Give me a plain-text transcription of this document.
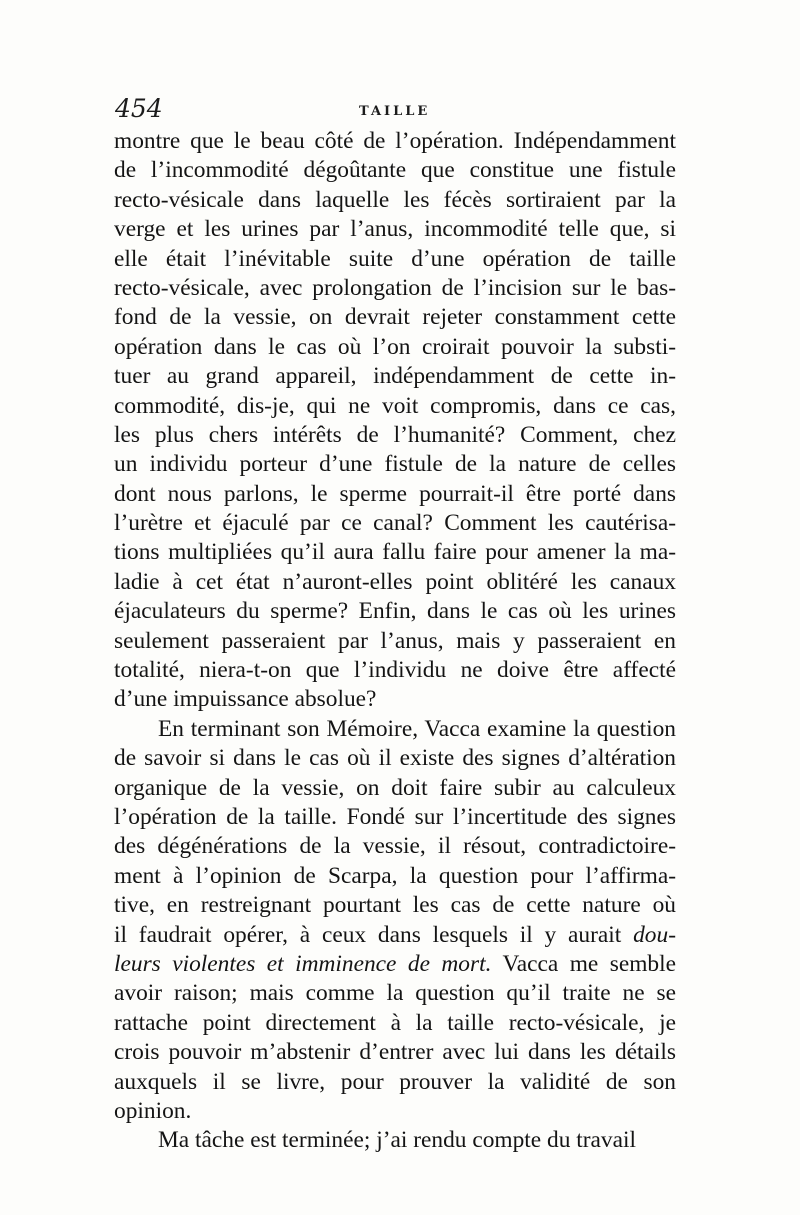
454	TAILLE
montre que le beau côté de l’opération. Indépendamment
de l’incommodité dégoûtante que constitue une fistule
recto-vésicale dans laquelle les fécès sortiraient par la
verge et les urines par l’anus, incommodité telle que, si
elle était l’inévitable suite d’une opération de taille
recto-vésicale, avec prolongation de l’incision sur le bas-
fond de la vessie, on devrait rejeter constamment cette
opération dans le cas où l’on croirait pouvoir la substi-
tuer au grand appareil, indépendamment de cette in-
commodité, dis-je, qui ne voit compromis, dans ce cas,
les plus chers intérêts de l’humanité? Comment, chez
un individu porteur d’une fistule de la nature de celles
dont nous parlons, le sperme pourrait-il être porté dans
l’urètre et éjaculé par ce canal? Comment les cautérisa-
tions multipliées qu’il aura fallu faire pour amener la ma-
ladie à cet état n’auront-elles point oblitéré les canaux
éjaculateurs du sperme? Enfin, dans le cas où les urines
seulement passeraient par l’anus, mais y passeraient en
totalité, niera-t-on que l’individu ne doive être affecté
d’une impuissance absolue?
En terminant son Mémoire, Vacca examine la question
de savoir si dans le cas où il existe des signes d’altération
organique de la vessie, on doit faire subir au calculeux
l’opération de la taille. Fondé sur l’incertitude des signes
des dégénérations de la vessie, il résout, contradictoire-
ment à l’opinion de Scarpa, la question pour l’affirma-
tive, en restreignant pourtant les cas de cette nature où
il faudrait opérer, à ceux dans lesquels il y aurait dou-
leurs violentes et imminence de mort. Vacca me semble
avoir raison; mais comme la question qu’il traite ne se
rattache point directement à la taille recto-vésicale, je
crois pouvoir m’abstenir d’entrer avec lui dans les détails
auxquels il se livre, pour prouver la validité de son
opinion.
Ma tâche est terminée; j’ai rendu compte du travail
